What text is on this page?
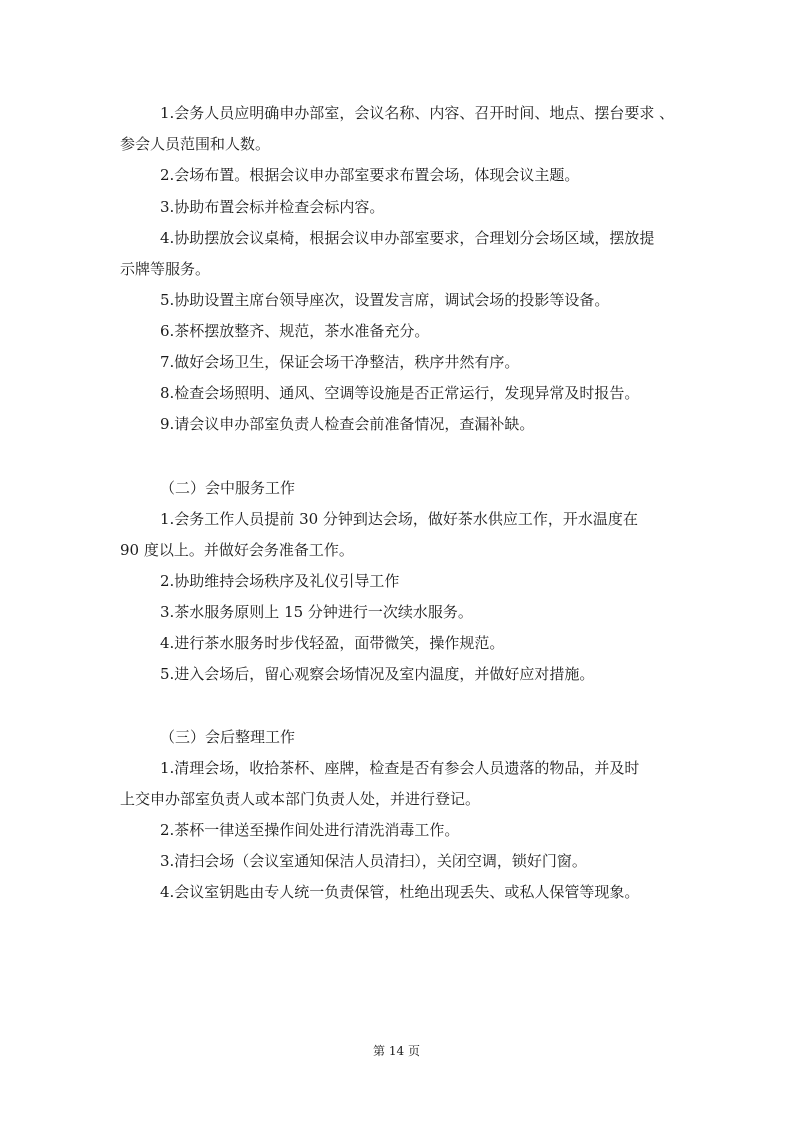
1.会务人员应明确申办部室，会议名称、内容、召开时间、地点、摆台要求 、
参会人员范围和人数。
2.会场布置。根据会议申办部室要求布置会场，体现会议主题。
3.协助布置会标并检查会标内容。
4.协助摆放会议桌椅，根据会议申办部室要求，合理划分会场区域，摆放提
示牌等服务。
5.协助设置主席台领导座次，设置发言席，调试会场的投影等设备。
6.茶杯摆放整齐、规范，茶水准备充分。
7.做好会场卫生，保证会场干净整洁，秩序井然有序。
8.检查会场照明、通风、空调等设施是否正常运行，发现异常及时报告。
9.请会议申办部室负责人检查会前准备情况，查漏补缺。
（二）会中服务工作
1.会务工作人员提前 30 分钟到达会场，做好茶水供应工作，开水温度在
90 度以上。并做好会务准备工作。
2.协助维持会场秩序及礼仪引导工作
3.茶水服务原则上 15 分钟进行一次续水服务。
4.进行茶水服务时步伐轻盈，面带微笑，操作规范。
5.进入会场后，留心观察会场情况及室内温度，并做好应对措施。
（三）会后整理工作
1.清理会场，收拾茶杯、座牌，检查是否有参会人员遗落的物品，并及时
上交申办部室负责人或本部门负责人处，并进行登记。
2.茶杯一律送至操作间处进行清洗消毒工作。
3.清扫会场（会议室通知保洁人员清扫），关闭空调，锁好门窗。
4.会议室钥匙由专人统一负责保管，杜绝出现丢失、或私人保管等现象。
第 14 页
